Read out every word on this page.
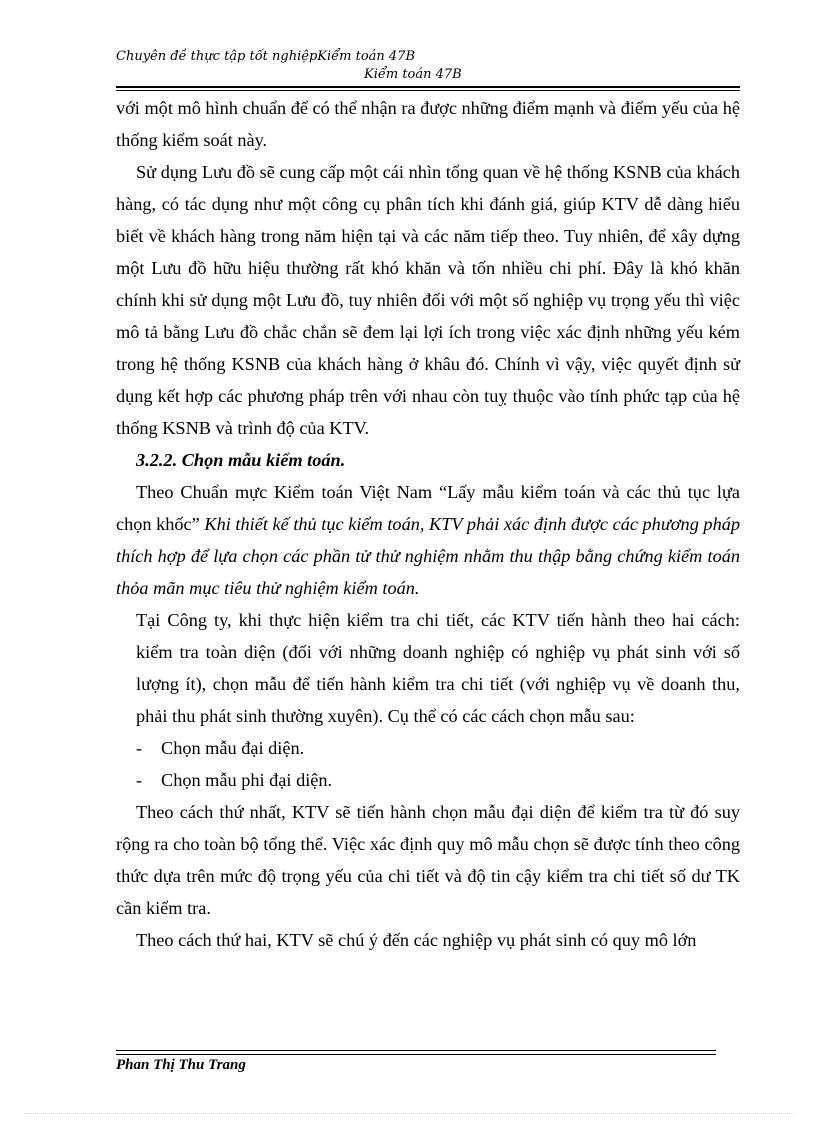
Chuyên đề thực tập tốt nghiệpKiểm toán 47B
Kiểm toán 47B

với một mô hình chuẩn để có thể nhận ra được những điểm mạnh và điểm yếu của hệ thống kiểm soát này.

Sử dụng Lưu đồ sẽ cung cấp một cái nhìn tổng quan về hệ thống KSNB của khách hàng, có tác dụng như một công cụ phân tích khi đánh giá, giúp KTV dễ dàng hiểu biết về khách hàng trong năm hiện tại và các năm tiếp theo. Tuy nhiên, để xây dựng một Lưu đồ hữu hiệu thường rất khó khăn và tốn nhiều chi phí. Đây là khó khăn chính khi sử dụng một Lưu đồ, tuy nhiên đối với một số nghiệp vụ trọng yếu thì việc mô tả bằng Lưu đồ chắc chắn sẽ đem lại lợi ích trong việc xác định những yếu kém trong hệ thống KSNB của khách hàng ở khâu đó. Chính vì vậy, việc quyết định sử dụng kết hợp các phương pháp trên với nhau còn tuỵ thuộc vào tính phức tạp của hệ thống KSNB và trình độ của KTV.

3.2.2. Chọn mẫu kiểm toán.

Theo Chuẩn mực Kiểm toán Việt Nam “Lấy mẫu kiểm toán và các thủ tục lựa chọn khốc” Khi thiết kế thủ tục kiểm toán, KTV phải xác định được các phương pháp thích hợp để lựa chọn các phần tử thử nghiệm nhằm thu thập bằng chứng kiểm toán thỏa mãn mục tiêu thử nghiệm kiểm toán.

Tại Công ty, khi thực hiện kiểm tra chi tiết, các KTV tiến hành theo hai cách: kiểm tra toàn diện (đối với những doanh nghiệp có nghiệp vụ phát sinh với số lượng ít), chọn mẫu để tiến hành kiểm tra chi tiết (với nghiệp vụ về doanh thu, phải thu phát sinh thường xuyên). Cụ thể có các cách chọn mẫu sau:

-	Chọn mẫu đại diện.
-	Chọn mẫu phi đại diện.

Theo cách thứ nhất, KTV sẽ tiến hành chọn mẫu đại diện để kiểm tra từ đó suy rộng ra cho toàn bộ tổng thể. Việc xác định quy mô mẫu chọn sẽ được tính theo công thức dựa trên mức độ trọng yếu của chi tiết và độ tin cậy kiểm tra chi tiết số dư TK cần kiểm tra.

Theo cách thứ hai, KTV sẽ chú ý đến các nghiệp vụ phát sinh có quy mô lớn

Phan Thị Thu Trang
